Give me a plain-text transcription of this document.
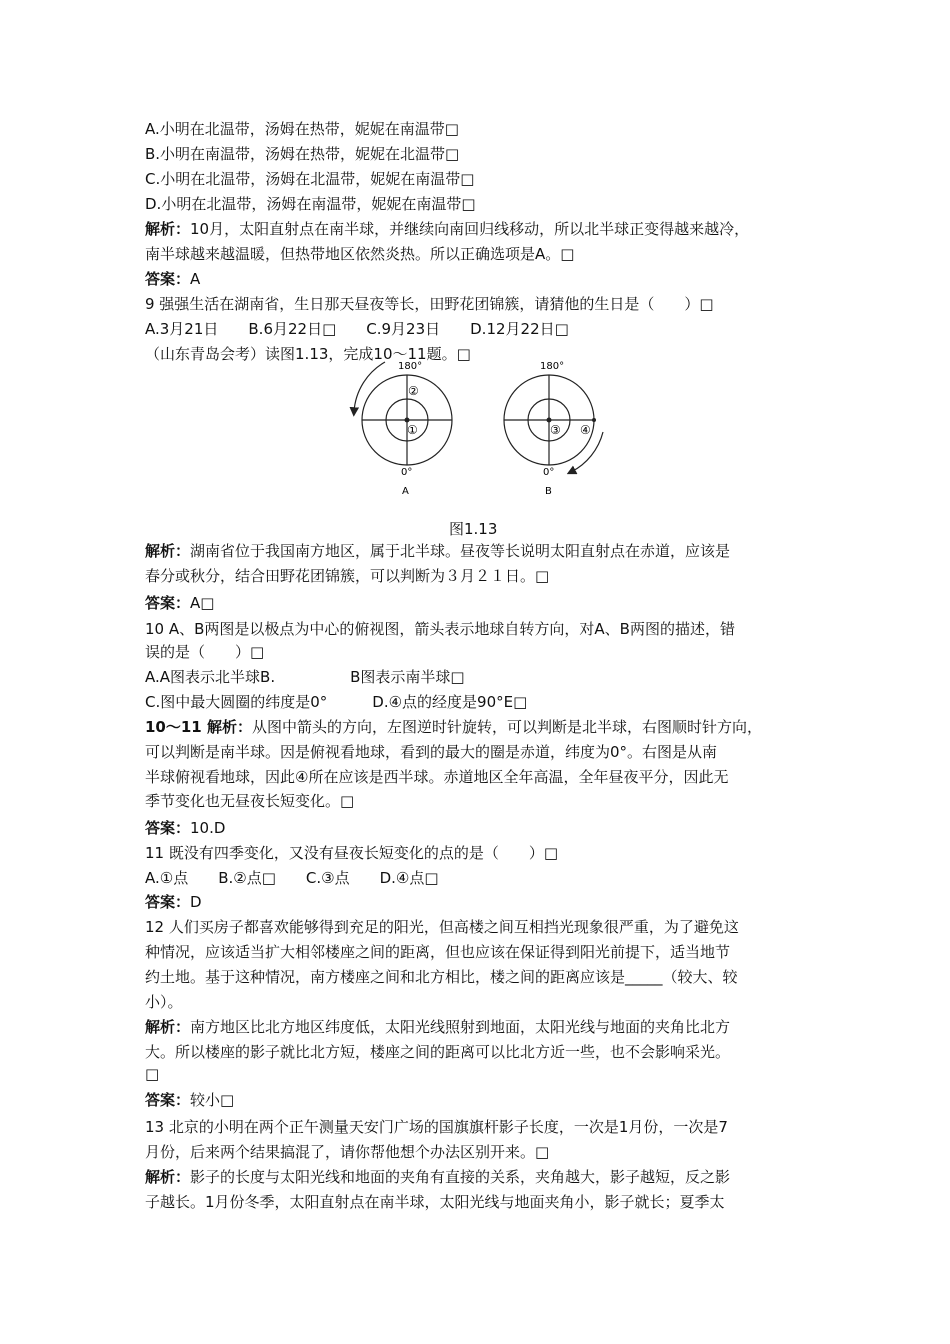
A.小明在北温带，汤姆在热带，妮妮在南温带□
B.小明在南温带，汤姆在热带，妮妮在北温带□
C.小明在北温带，汤姆在北温带，妮妮在南温带□
D.小明在北温带，汤姆在南温带，妮妮在南温带□
解析：10月，太阳直射点在南半球，并继续向南回归线移动，所以北半球正变得越来越冷，
南半球越来越温暖，但热带地区依然炎热。所以正确选项是A。□
答案：A
9 强强生活在湖南省，生日那天昼夜等长，田野花团锦簇，请猜他的生日是（　　）□
A.3月21日　　B.6月22日□　　C.9月23日　　D.12月22日□
（山东青岛会考）读图1.13，完成10～11题。□
180°
0°
A
②
①
180°
0°
B
③ ④
图1.13
解析：湖南省位于我国南方地区，属于北半球。昼夜等长说明太阳直射点在赤道，应该是
春分或秋分，结合田野花团锦簇，可以判断为３月２１日。□
答案：A□
10 A、B两图是以极点为中心的俯视图，箭头表示地球自转方向，对A、B两图的描述，错
误的是（　　）□
A.A图表示北半球B.　　　　　B图表示南半球□
C.图中最大圆圈的纬度是0°　　　D.④点的经度是90°E□
10～11 解析：从图中箭头的方向，左图逆时针旋转，可以判断是北半球，右图顺时针方向，
可以判断是南半球。因是俯视看地球，看到的最大的圈是赤道，纬度为0°。右图是从南
半球俯视看地球，因此④所在应该是西半球。赤道地区全年高温，全年昼夜平分，因此无
季节变化也无昼夜长短变化。□
答案：10.D
11 既没有四季变化，又没有昼夜长短变化的点的是（　　）□
A.①点　　B.②点□　　C.③点　　D.④点□
答案：D
12 人们买房子都喜欢能够得到充足的阳光，但高楼之间互相挡光现象很严重，为了避免这
种情况，应该适当扩大相邻楼座之间的距离，但也应该在保证得到阳光前提下，适当地节
约土地。基于这种情况，南方楼座之间和北方相比，楼之间的距离应该是_____（较大、较
小）。
解析：南方地区比北方地区纬度低，太阳光线照射到地面，太阳光线与地面的夹角比北方
大。所以楼座的影子就比北方短，楼座之间的距离可以比北方近一些，也不会影响采光。
□
答案：较小□
13 北京的小明在两个正午测量天安门广场的国旗旗杆影子长度，一次是1月份，一次是7
月份，后来两个结果搞混了，请你帮他想个办法区别开来。□
解析：影子的长度与太阳光线和地面的夹角有直接的关系，夹角越大，影子越短，反之影
子越长。1月份冬季，太阳直射点在南半球，太阳光线与地面夹角小，影子就长；夏季太
